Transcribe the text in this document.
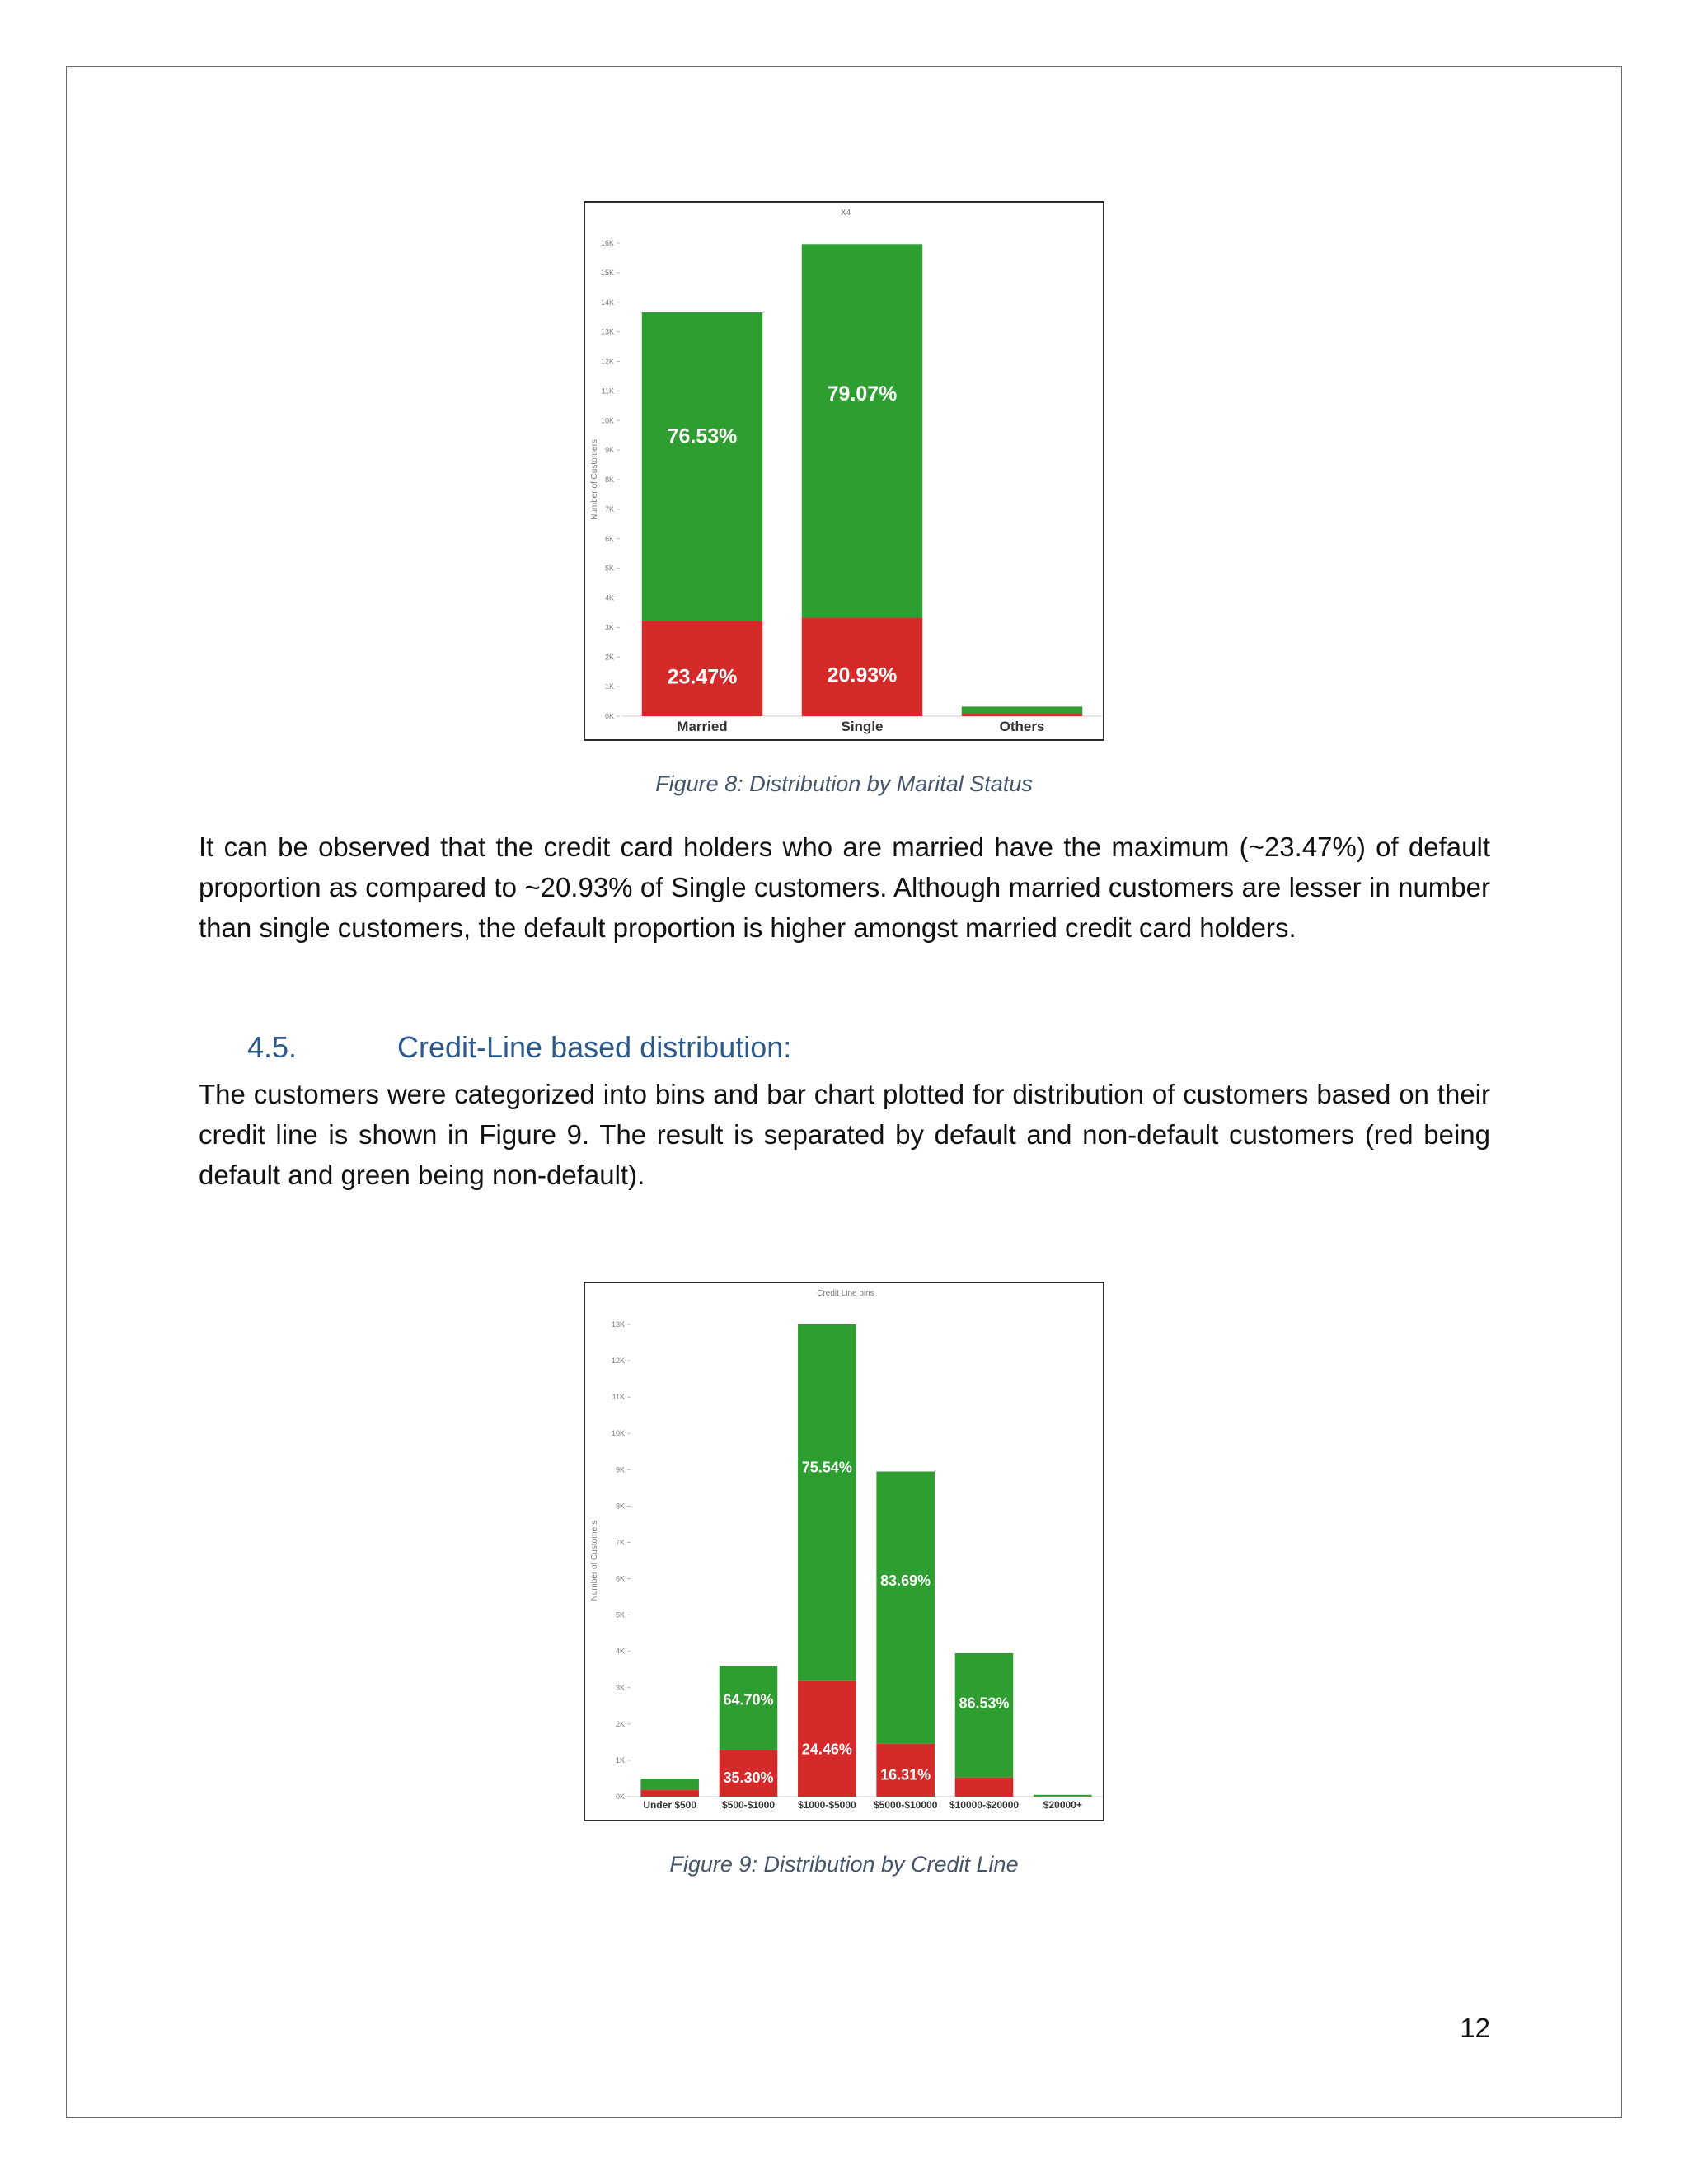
X4
Number of Customers
0K
1K
2K
3K
4K
5K
6K
7K
8K
9K
10K
11K
12K
13K
14K
15K
16K
23.47%
76.53%
Married
20.93%
79.07%
Single	Others
Figure 8: Distribution by Marital Status

It can be observed that the credit card holders who are married have the maximum (~23.47%) of default proportion as compared to ~20.93% of Single customers. Although married customers are lesser in number than single customers, the default proportion is higher amongst married credit card holders.

4.5.	Credit-Line based distribution:

The customers were categorized into bins and bar chart plotted for distribution of customers based on their credit line is shown in Figure 9. The result is separated by default and non-default customers (red being default and green being non-default).

Credit Line bins
Number of Customers
0K
1K
2K
3K
4K
5K
6K
7K
8K
9K
10K
11K
12K
13K
Under $500
35.30%
64.70%
$500-$1000
24.46%
75.54%
$1000-$5000
16.31%
83.69%
$5000-$10000
86.53%
$10000-$20000 $20000+
Figure 9: Distribution by Credit Line
12
